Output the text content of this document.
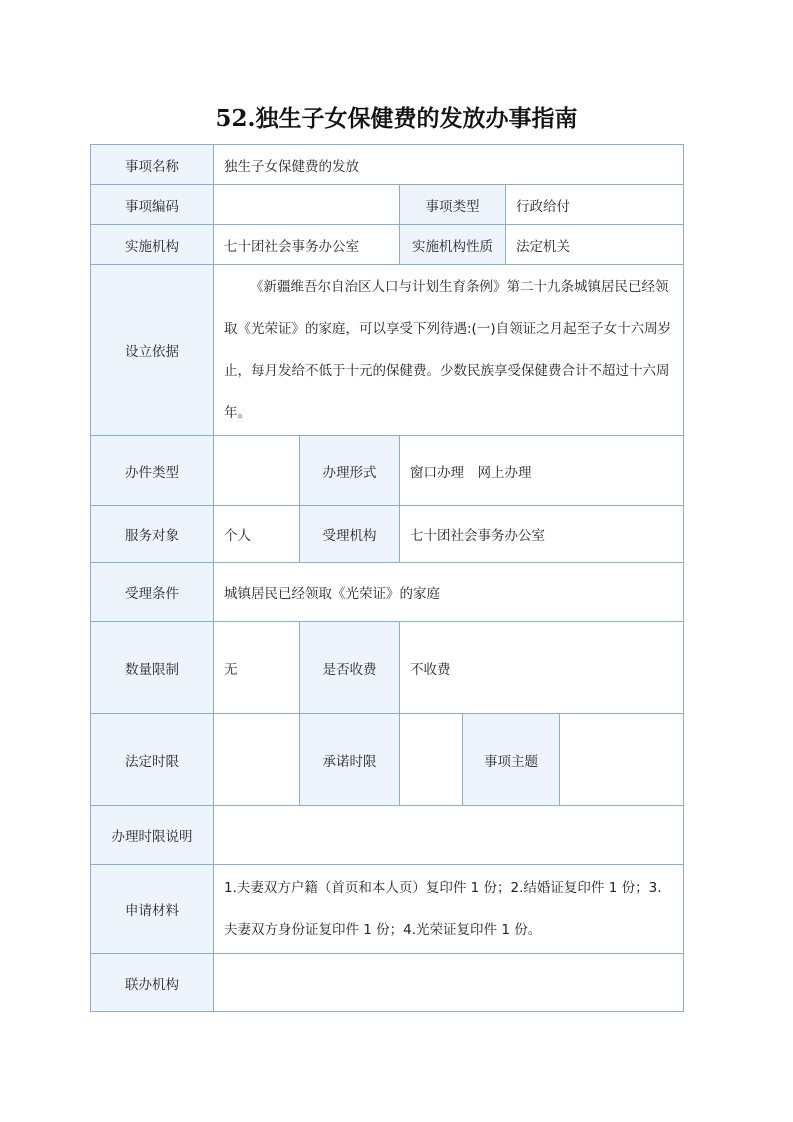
52.独生子女保健费的发放办事指南
事项名称	独生子女保健费的发放					
事项编码			事项类型		行政给付	
实施机构	七十团社会事务办公室		实施机构性质		法定机关	
设立依据	《新疆维吾尔自治区人口与计划生育条例》第二十九条城镇居民已经领取《光荣证》的家庭，可以享受下列待遇:(一)自领证之月起至子女十六周岁止，每月发给不低于十元的保健费。少数民族享受保健费合计不超过十六周年。					
办件类型		办理形式	窗口办理　网上办理			
服务对象	个人	受理机构	七十团社会事务办公室			
受理条件	城镇居民已经领取《光荣证》的家庭					
数量限制	无	是否收费	不收费			
法定时限		承诺时限		事项主题		
办理时限说明						
申请材料	1.夫妻双方户籍（首页和本人页）复印件 1 份；2.结婚证复印件 1 份；3.夫妻双方身份证复印件 1 份；4.光荣证复印件 1 份。					
联办机构						
